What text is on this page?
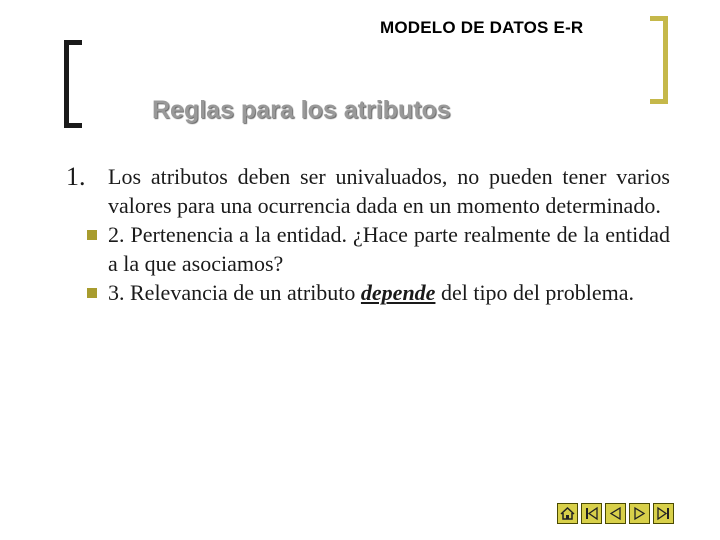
MODELO DE DATOS E-R
Reglas para los atributos
1. Los atributos deben ser univaluados, no pueden tener varios valores para una ocurrencia dada en un momento determinado.
2. Pertenencia a la entidad. ¿Hace parte realmente de la entidad a la que asociamos?
3. Relevancia de un atributo depende del tipo del problema.
